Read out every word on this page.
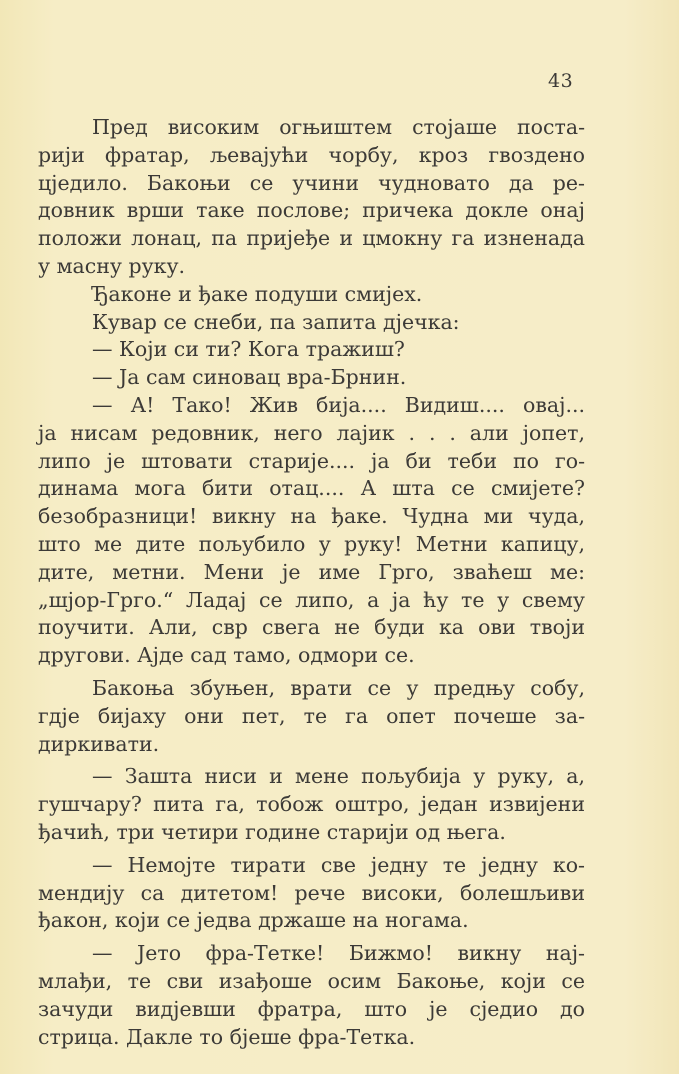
43
Пред високим огњиштем стојаше поста-
рији фратар, љевајући чорбу, кроз гвоздено
цједило. Бакоњи се учини чудновато да ре-
довник врши таке послове; причека докле онај
положи лонац, па пријеђе и цмокну га изненада
у масну руку.
Ђаконе и ђаке подуши смијех.
Кувар се снеби, па запита дјечка:
— Који си ти? Кога тражиш?
— Ја сам синовац вра-Брнин.
— А! Тако! Жив бија.... Видиш.... овај...
ја нисам редовник, него лајик . . . али јопет,
липо је штовати старије.... ја би теби по го-
динама мога бити отац.... А шта се смијете?
безобразници! викну на ђаке. Чудна ми чуда,
што ме дите пољубило у руку! Метни капицу,
дите, метни. Мени је име Грго, зваћеш ме:
„шјор-Грго.“ Ладај се липо, а ја ћу те у свему
поучити. Али, свр свега не буди ка ови твоји
другови. Ајде сад тамо, одмори се.
Бакоња збуњен, врати се у предњу собу,
гдје бијаху они пет, те га опет почеше за-
диркивати.
— Зашта ниси и мене пољубија у руку, а,
гушчару? пита га, тобож оштро, један извијени
ђачић, три четири године старији од њега.
— Немојте тирати све једну те једну ко-
мендију са дитетом! рече високи, болешљиви
ђакон, који се једва држаше на ногама.
— Јето фра-Тетке! Бижмо! викну нај-
млађи, те сви изађоше осим Бакоње, који се
зачуди видјевши фратра, што је сједио до
стрица. Дакле то бјеше фра-Тетка.
